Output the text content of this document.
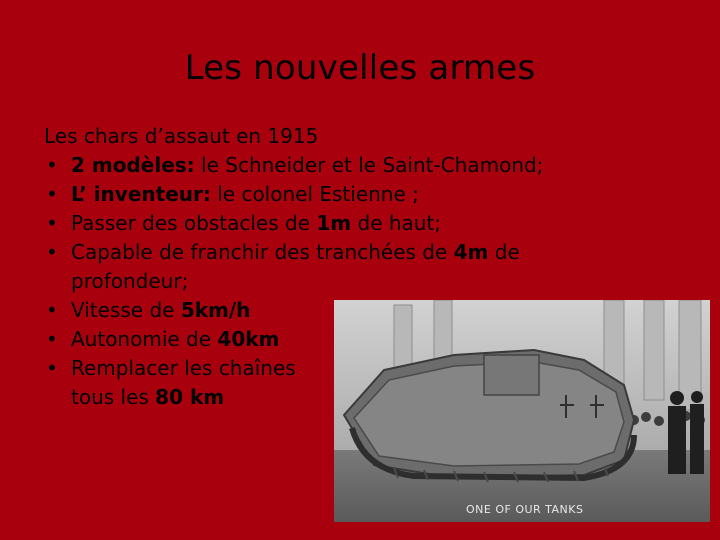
Les nouvelles armes
Les chars d’assaut en 1915
• 2 modèles: le Schneider et le Saint-Chamond;
• L’ inventeur: le colonel Estienne ;
• Passer des obstacles de 1m de haut;
• Capable de franchir des tranchées de 4m de profondeur;
• Vitesse de 5km/h
• Autonomie de 40km
• Remplacer les chaînes tous les 80 km
ONE OF OUR TANKS
